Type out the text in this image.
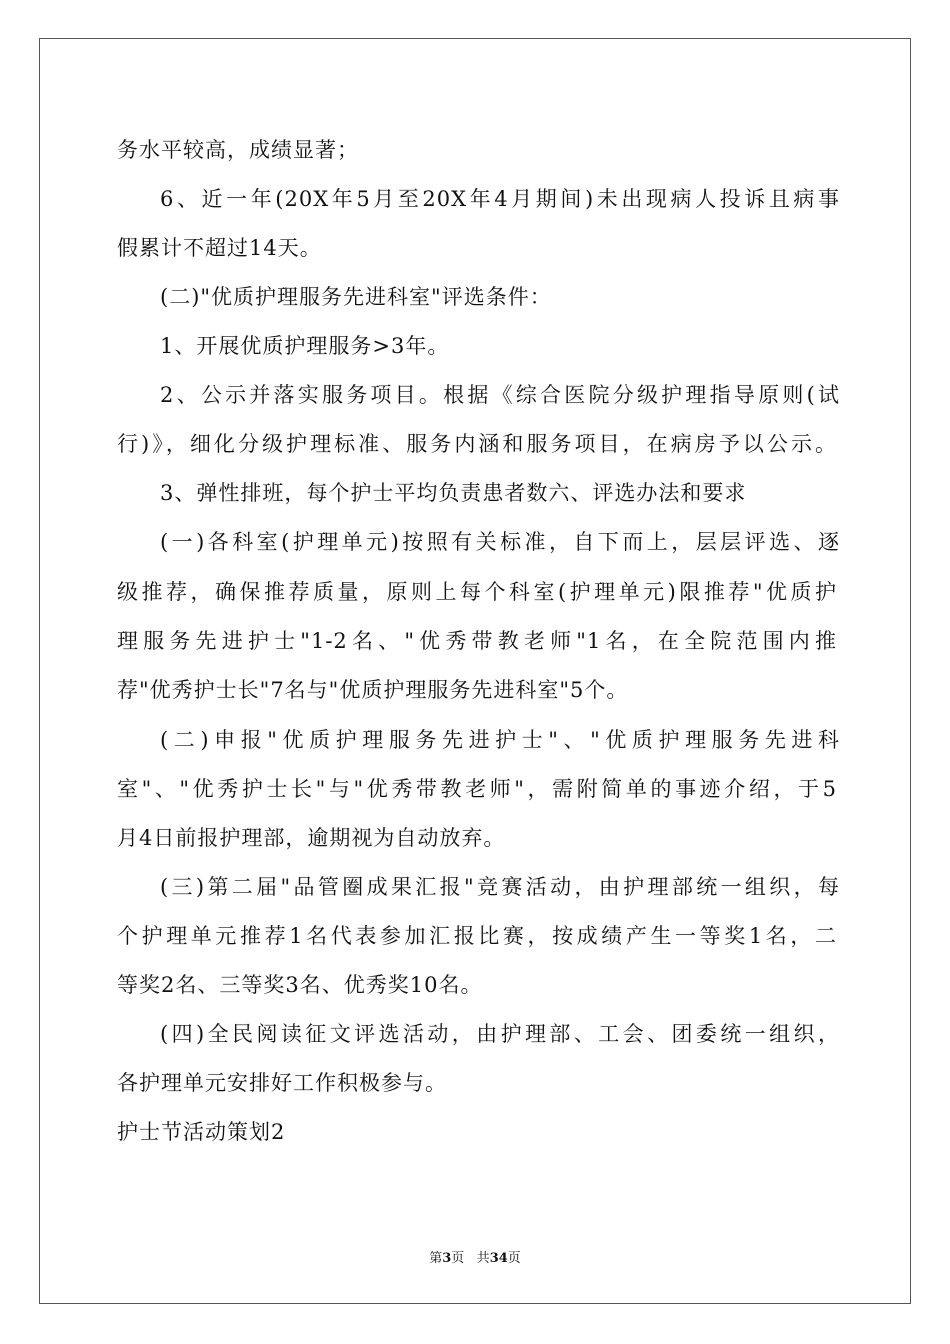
务水平较高，成绩显著；
6、近一年(20X年5月至20X年4月期间)未出现病人投诉且病事
假累计不超过14天。
(二)"优质护理服务先进科室"评选条件：
1、开展优质护理服务>3年。
2、公示并落实服务项目。根据《综合医院分级护理指导原则(试
行)》，细化分级护理标准、服务内涵和服务项目，在病房予以公示。
3、弹性排班，每个护士平均负责患者数六、评选办法和要求
(一)各科室(护理单元)按照有关标准，自下而上，层层评选、逐
级推荐，确保推荐质量，原则上每个科室(护理单元)限推荐"优质护
理服务先进护士"1-2名、"优秀带教老师"1名，在全院范围内推
荐"优秀护士长"7名与"优质护理服务先进科室"5个。
(二)申报"优质护理服务先进护士"、"优质护理服务先进科
室"、"优秀护士长"与"优秀带教老师"，需附简单的事迹介绍，于5
月4日前报护理部，逾期视为自动放弃。
(三)第二届"品管圈成果汇报"竞赛活动，由护理部统一组织，每
个护理单元推荐1名代表参加汇报比赛，按成绩产生一等奖1名，二
等奖2名、三等奖3名、优秀奖10名。
(四)全民阅读征文评选活动，由护理部、工会、团委统一组织，
各护理单元安排好工作积极参与。
护士节活动策划2
第3页 共34页
